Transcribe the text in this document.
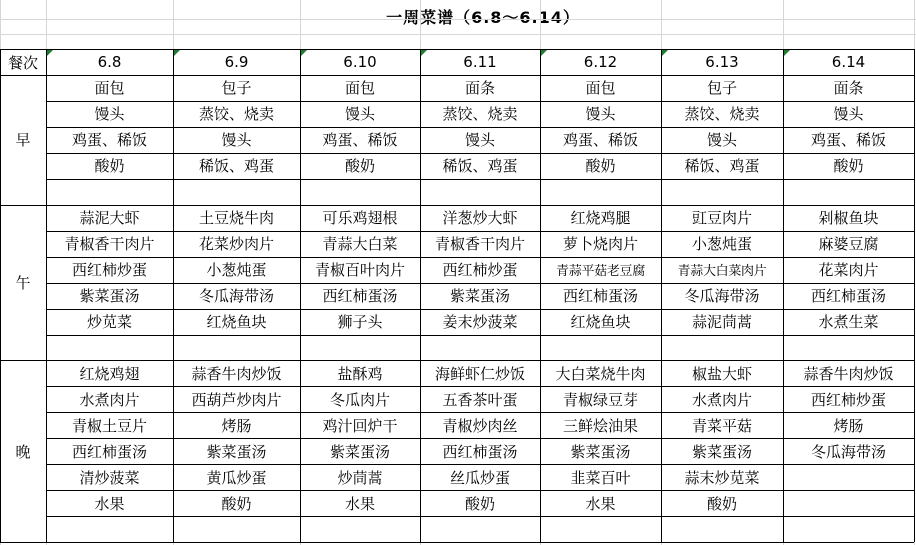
一周菜谱（6.8～6.14）
餐次	6.8	6.9	6.10	6.11	6.12	6.13	6.14
面包	包子	面包	面条	面包	包子	面条
馒头	蒸饺、烧卖	馒头	蒸饺、烧卖	馒头	蒸饺、烧卖	馒头
鸡蛋、稀饭	馒头	鸡蛋、稀饭	馒头	鸡蛋、稀饭	馒头	鸡蛋、稀饭
酸奶	稀饭、鸡蛋	酸奶	稀饭、鸡蛋	酸奶	稀饭、鸡蛋	酸奶
早
蒜泥大虾	土豆烧牛肉	可乐鸡翅根	洋葱炒大虾	红烧鸡腿	豇豆肉片	剁椒鱼块
青椒香干肉片	花菜炒肉片	青蒜大白菜	青椒香干肉片	萝卜烧肉片	小葱炖蛋	麻婆豆腐
西红柿炒蛋	小葱炖蛋	青椒百叶肉片	西红柿炒蛋	青蒜平菇老豆腐	青蒜大白菜肉片	花菜肉片
紫菜蛋汤	冬瓜海带汤	西红柿蛋汤	紫菜蛋汤	西红柿蛋汤	冬瓜海带汤	西红柿蛋汤
炒苋菜	红烧鱼块	狮子头	姜末炒菠菜	红烧鱼块	蒜泥茼蒿	水煮生菜
午
红烧鸡翅	蒜香牛肉炒饭	盐酥鸡	海鲜虾仁炒饭	大白菜烧牛肉	椒盐大虾	蒜香牛肉炒饭
水煮肉片	西葫芦炒肉片	冬瓜肉片	五香茶叶蛋	青椒绿豆芽	水煮肉片	西红柿炒蛋
青椒土豆片	烤肠	鸡汁回炉干	青椒炒肉丝	三鲜烩油果	青菜平菇	烤肠
西红柿蛋汤	紫菜蛋汤	紫菜蛋汤	西红柿蛋汤	紫菜蛋汤	紫菜蛋汤	冬瓜海带汤
清炒菠菜	黄瓜炒蛋	炒茼蒿	丝瓜炒蛋	韭菜百叶	蒜末炒苋菜
水果	酸奶	水果	酸奶	水果	酸奶
晚
